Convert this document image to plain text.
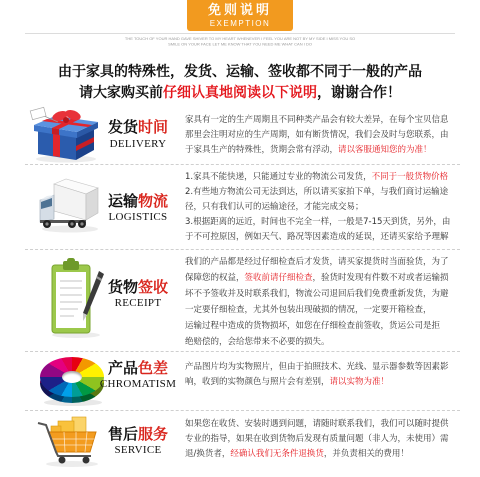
免则说明
EXEMPTION
THE TOUCH OF YOUR HAND GAVE SHIVER TO MY HEART WHENEVER I FEEL YOU ARE NOT BY MY SIDE I MISS YOU SO
SMILE ON YOUR FACE LET ME KNOW THAT YOU NEED ME WHAT CAN I DO
由于家具的特殊性，发货、运输、签收都不同于一般的产品
请大家购买前仔细认真地阅读以下说明，谢谢合作！
发货时间
DELIVERY
家具有一定的生产周期且不同种类产品会有较大差异，在每个宝贝信息
那里会注明对应的生产周期，如有断货情况，我们会及时与您联系，由
于家具生产的特殊性，货期会常有浮动，请以客服通知您的为准！
运输物流
LOGISTICS
1.家具不能快递，只能通过专业的物流公司发货，不同于一般货物价格
2.有些地方物流公司无法到达，所以请买家拍下单，与我们商讨运输途
径，只有我们认可的运输途径，才能完成交易；
3.根据距离的远近，时间也不完全一样，一般是7-15天到货，另外，由
于不可控原因，例如天气、路况等因素造成的延误，还请买家给予理解
货物签收
RECEIPT
我们的产品都是经过仔细检查后才发货，请买家提货时当面验货，为了
保障您的权益，签收前请仔细检查，验货时发现有件数不对或者运输损
坏不予签收并及时联系我们，物流公司退回后我们免费重新发货，为避
一定要仔细检查，尤其外包装出现破损的情况，一定要开箱检查，
运输过程中造成的货物损坏，如您在仔细检查前签收，货运公司是拒
绝赔偿的，会给您带来不必要的损失。
产品色差
CHROMATISM
产品图片均为实物照片，但由于拍照技术、光线、显示器参数等因素影
响，收到的实物颜色与照片会有差别，请以实物为准！
售后服务
SERVICE
如果您在收货、安装时遇到问题，请随时联系我们，我们可以随时提供
专业的指导，如果在收到货物后发现有质量问题（非人为，未使用）需
退/换货者，经确认我们无条件退换货，并负责相关的费用！
